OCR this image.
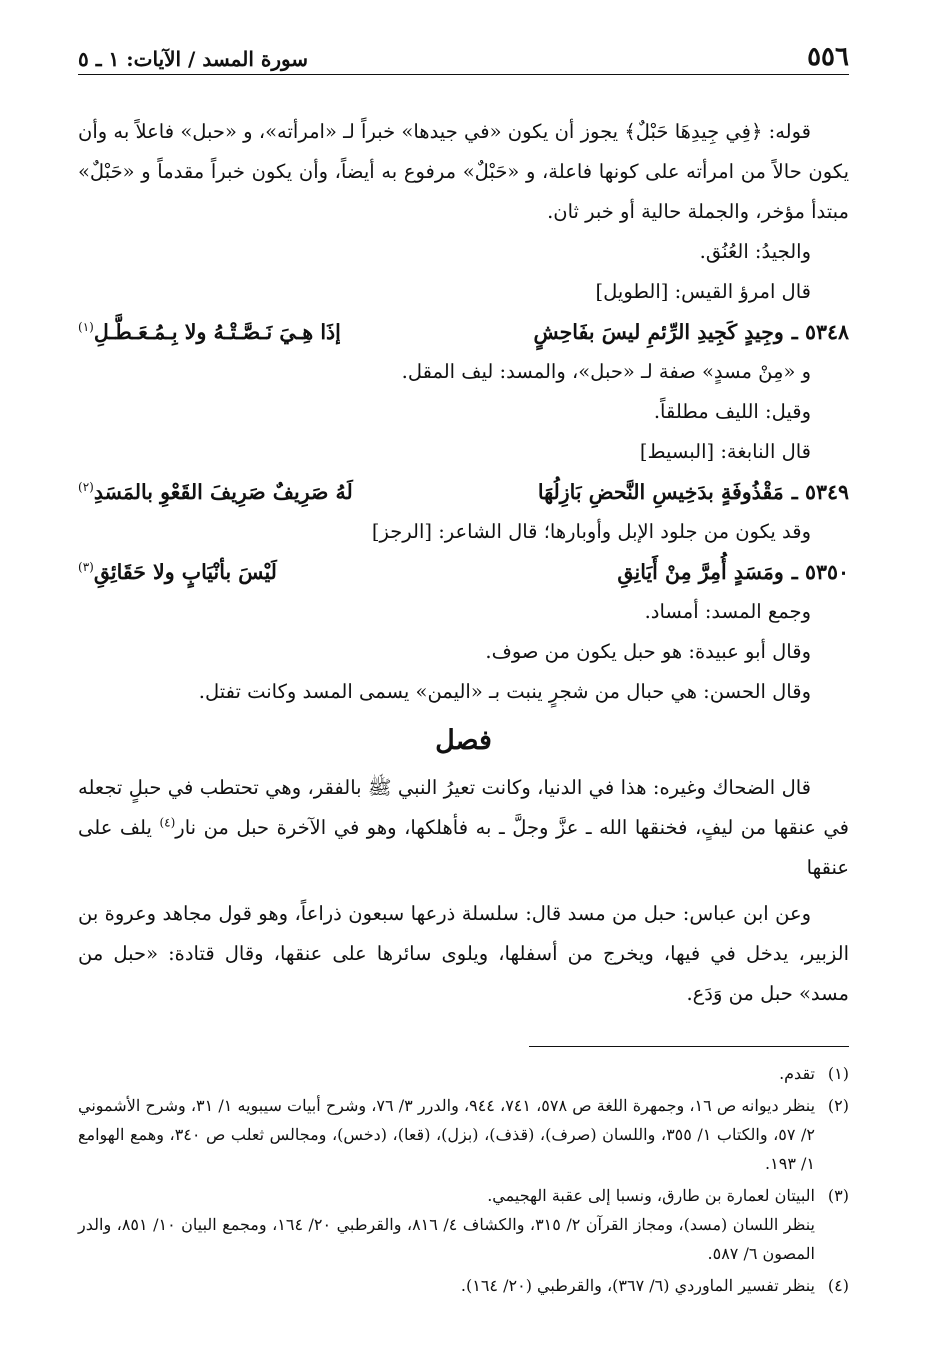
٥٥٦
سورة المسد / الآيات: ١ ـ ٥

قوله: ﴿فِي جِيدِهَا حَبْلٌ﴾ يجوز أن يكون «في جيدها» خبراً لـ «امرأته»، و «حبل» فاعلاً به وأن يكون حالاً من امرأته على كونها فاعلة، و «حَبْلٌ» مرفوع به أيضاً، وأن يكون خبراً مقدماً و «حَبْلٌ» مبتدأ مؤخر، والجملة حالية أو خبر ثان.

والجيدُ: العُنُق.

قال امرؤ القيس: [الطويل]

٥٣٤٨ ـ
وجِيدٍ كَجِيدِ الرِّئمِ ليسَ بفَاحِشٍ
إذَا هِـيَ نَـصَّـتْـهُ ولا بِـمُـعَـطَّـلِ$^{(١)}$

و «مِنْ مسدٍ» صفة لـ «حبل»، والمسد: ليف المقل.

وقيل: الليف مطلقاً.

قال النابغة: [البسيط]

٥٣٤٩ ـ
مَقْذُوفَةٍ بدَخِيسِ النَّحضِ بَازِلُهَا
لَهُ صَرِيفٌ صَرِيفَ القَعْوِ بالمَسَدِ$^{(٢)}$

وقد يكون من جلود الإبل وأوبارها؛ قال الشاعر: [الرجز]

٥٣٥٠ ـ
ومَسَدٍ أُمِرَّ مِنْ أَيَانِقِ
لَيْسَ بأنْيَابٍ ولا حَقَائِقِ$^{(٣)}$

وجمع المسد: أمساد.

وقال أبو عبيدة: هو حبل يكون من صوف.

وقال الحسن: هي حبال من شجرٍ ينبت بـ «اليمن» يسمى المسد وكانت تفتل.

فصل

قال الضحاك وغيره: هذا في الدنيا، وكانت تعيرُ النبي ﷺ بالفقر، وهي تحتطب في حبلٍ تجعله في عنقها من ليفٍ، فخنقها الله ـ عزَّ وجلَّ ـ به فأهلكها، وهو في الآخرة حبل من نار$^{(٤)}$ يلف على عنقها

وعن ابن عباس: حبل من مسد قال: سلسلة ذرعها سبعون ذراعاً، وهو قول مجاهد وعروة بن الزبير، يدخل في فيها، ويخرج من أسفلها، ويلوى سائرها على عنقها، وقال قتادة: «حبل من مسد» حبل من وَدَع.

(١)

تقدم.

(٢)

ينظر ديوانه ص ١٦، وجمهرة اللغة ص ٥٧٨، ٧٤١، ٩٤٤، والدرر ٣/ ٧٦، وشرح أبيات سيبويه ١/ ٣١، وشرح الأشموني ٢/ ٥٧، والكتاب ١/ ٣٥٥، واللسان (صرف)، (قذف)، (بزل)، (قعا)، (دخس)، ومجالس ثعلب ص ٣٤٠، وهمع الهوامع ١/ ١٩٣.

(٣)

البيتان لعمارة بن طارق، ونسبا إلى عقبة الهجيمي.

ينظر اللسان (مسد)، ومجاز القرآن ٢/ ٣١٥، والكشاف ٤/ ٨١٦، والقرطبي ٢٠/ ١٦٤، ومجمع البيان ١٠/ ٨٥١، والدر المصون ٦/ ٥٨٧.

(٤)

ينظر تفسير الماوردي (٦/ ٣٦٧)، والقرطبي (٢٠/ ١٦٤).
